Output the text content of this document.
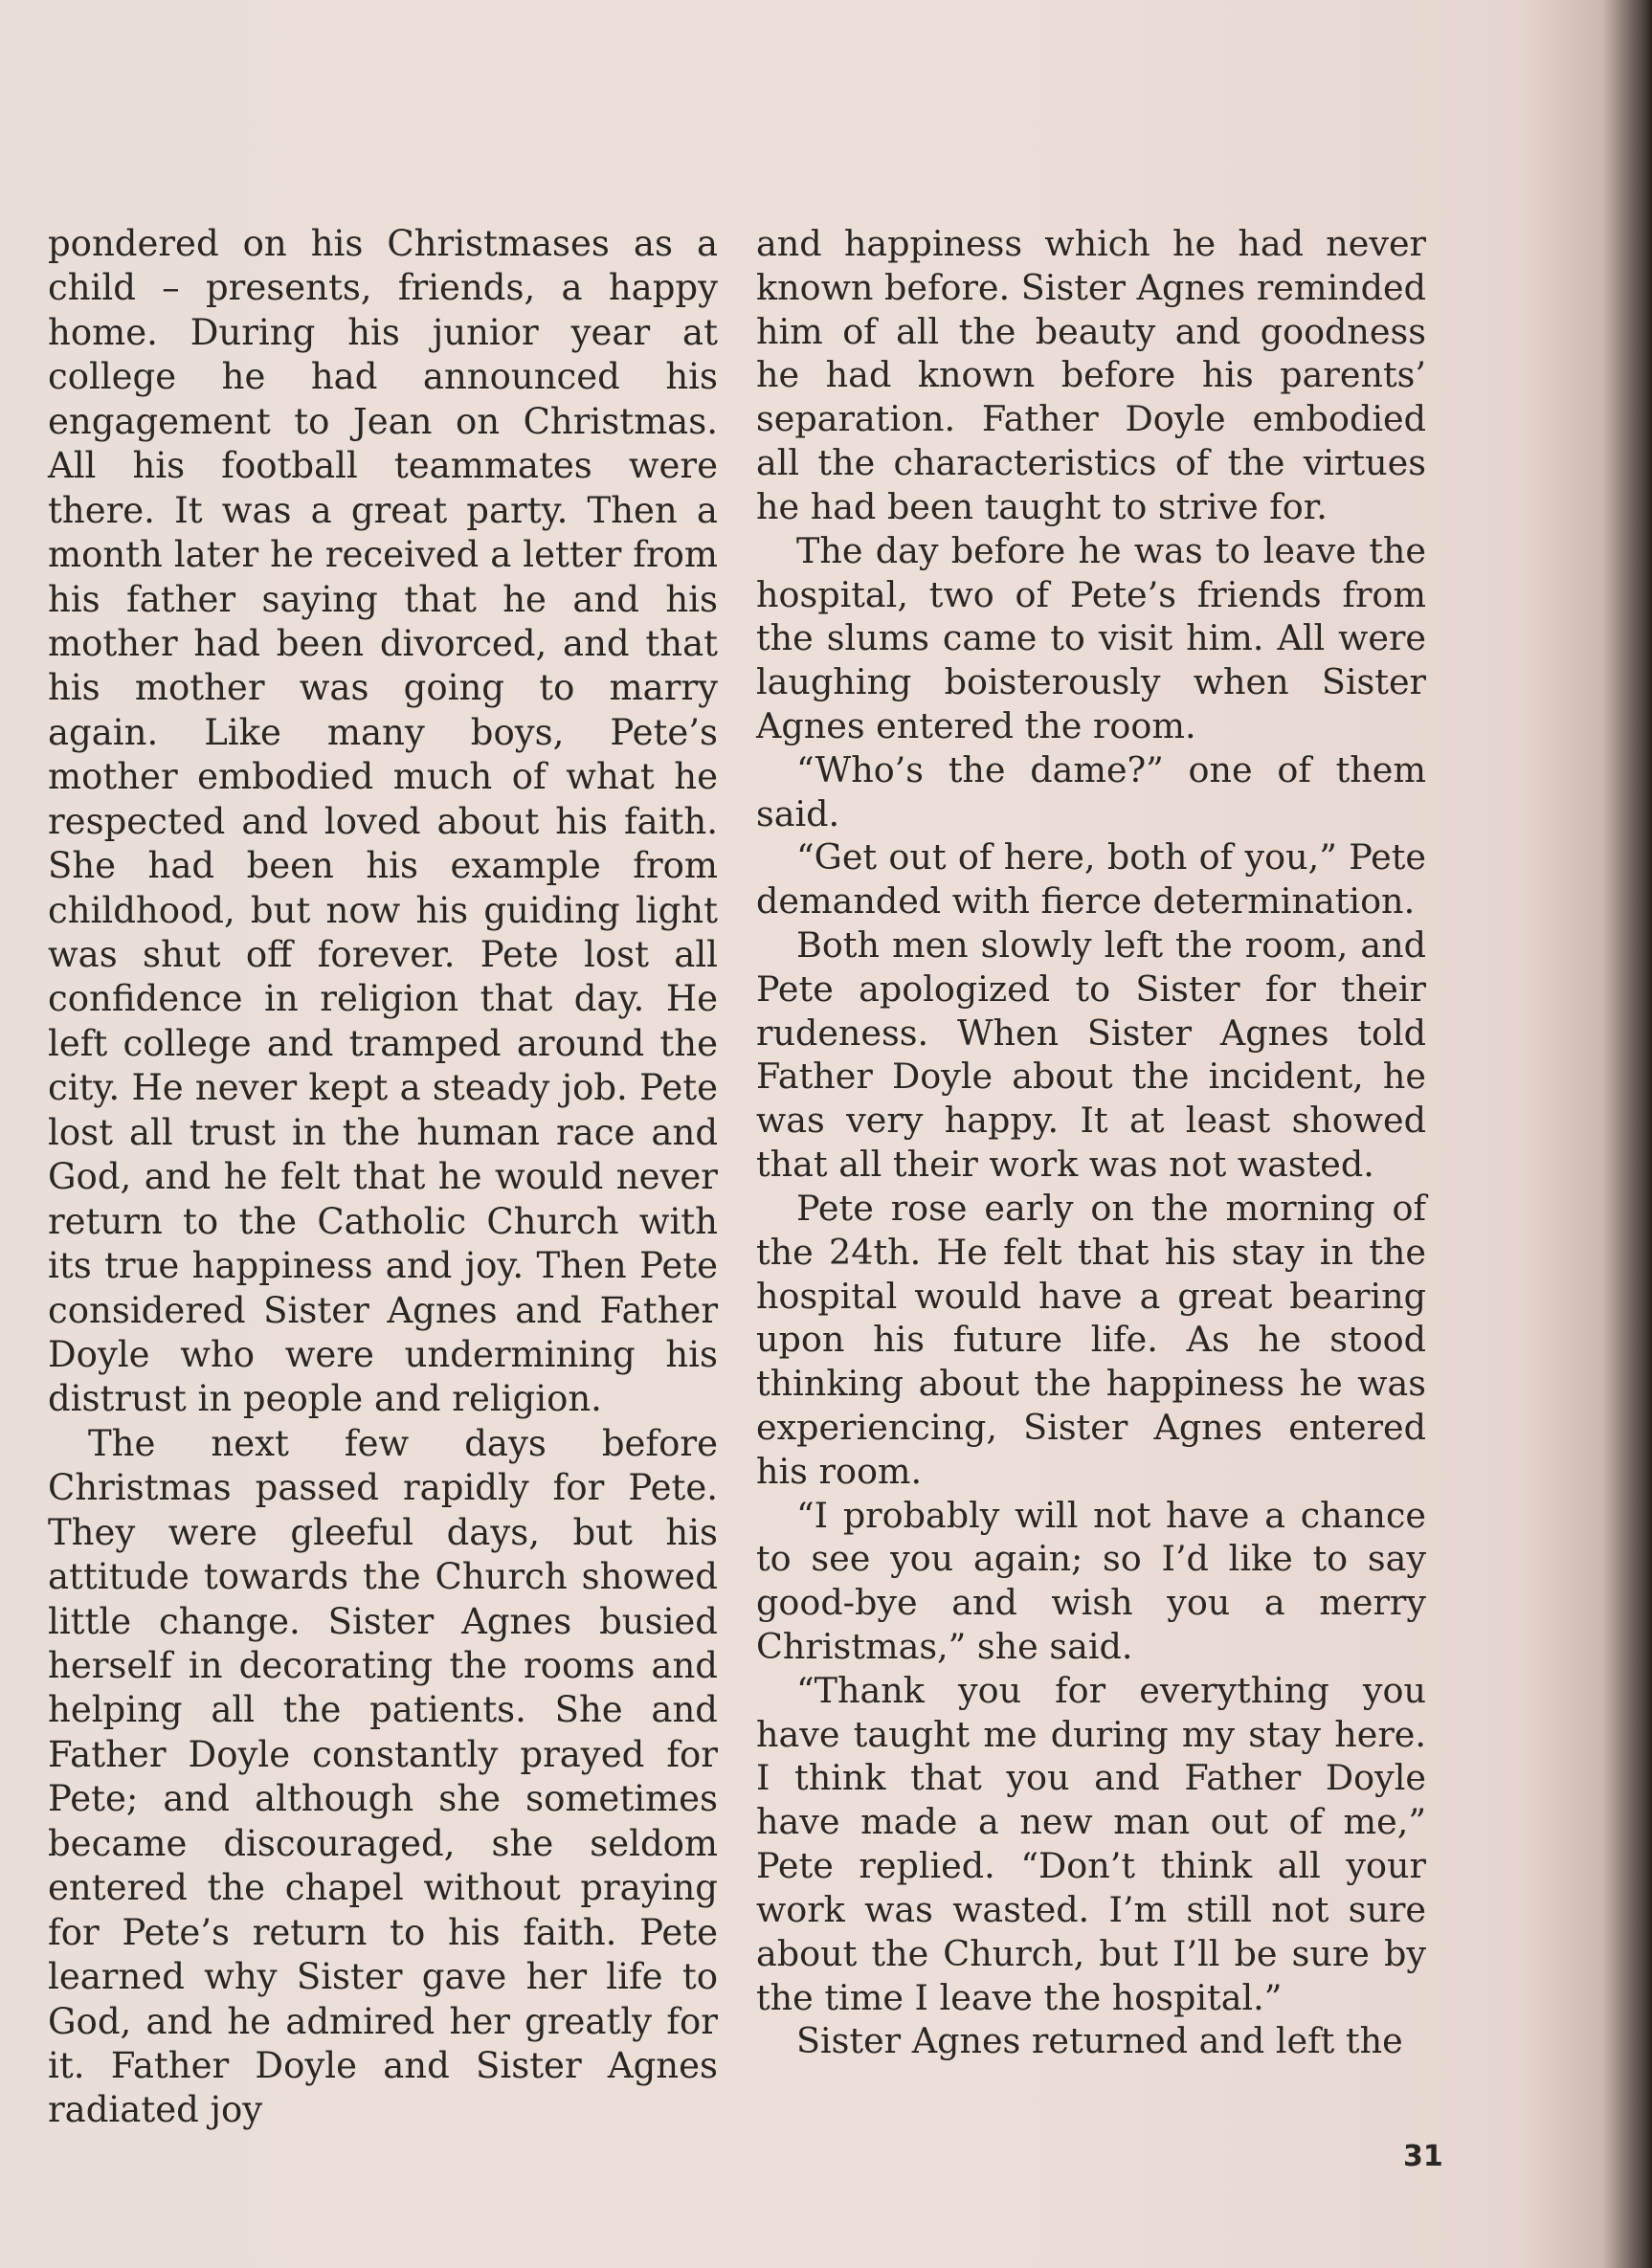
pondered on his Christmases as a child – presents, friends, a happy home. During his junior year at college he had announced his engagement to Jean on Christmas. All his football teammates were there. It was a great party. Then a month later he received a letter from his father saying that he and his mother had been divorced, and that his mother was going to marry again. Like many boys, Pete’s mother embodied much of what he respected and loved about his faith. She had been his example from childhood, but now his guiding light was shut off forever. Pete lost all confidence in religion that day. He left college and tramped around the city. He never kept a steady job. Pete lost all trust in the human race and God, and he felt that he would never return to the Catholic Church with its true happiness and joy. Then Pete considered Sister Agnes and Father Doyle who were undermining his distrust in people and religion.

The next few days before Christmas passed rapidly for Pete. They were gleeful days, but his attitude towards the Church showed little change. Sister Agnes busied herself in decorating the rooms and helping all the patients. She and Father Doyle constantly prayed for Pete; and although she sometimes became discouraged, she seldom entered the chapel without praying for Pete’s return to his faith. Pete learned why Sister gave her life to God, and he admired her greatly for it. Father Doyle and Sister Agnes radiated joy

and happiness which he had never known before. Sister Agnes reminded him of all the beauty and goodness he had known before his parents’ separation. Father Doyle embodied all the characteristics of the virtues he had been taught to strive for.

The day before he was to leave the hospital, two of Pete’s friends from the slums came to visit him. All were laughing boisterously when Sister Agnes entered the room.

“Who’s the dame?” one of them said.

“Get out of here, both of you,” Pete demanded with fierce determination.

Both men slowly left the room, and Pete apologized to Sister for their rudeness. When Sister Agnes told Father Doyle about the incident, he was very happy. It at least showed that all their work was not wasted.

Pete rose early on the morning of the 24th. He felt that his stay in the hospital would have a great bearing upon his future life. As he stood thinking about the happiness he was experiencing, Sister Agnes entered his room.

“I probably will not have a chance to see you again; so I’d like to say good-bye and wish you a merry Christmas,” she said.

“Thank you for everything you have taught me during my stay here. I think that you and Father Doyle have made a new man out of me,” Pete replied. “Don’t think all your work was wasted. I’m still not sure about the Church, but I’ll be sure by the time I leave the hospital.”

Sister Agnes returned and left the

31
